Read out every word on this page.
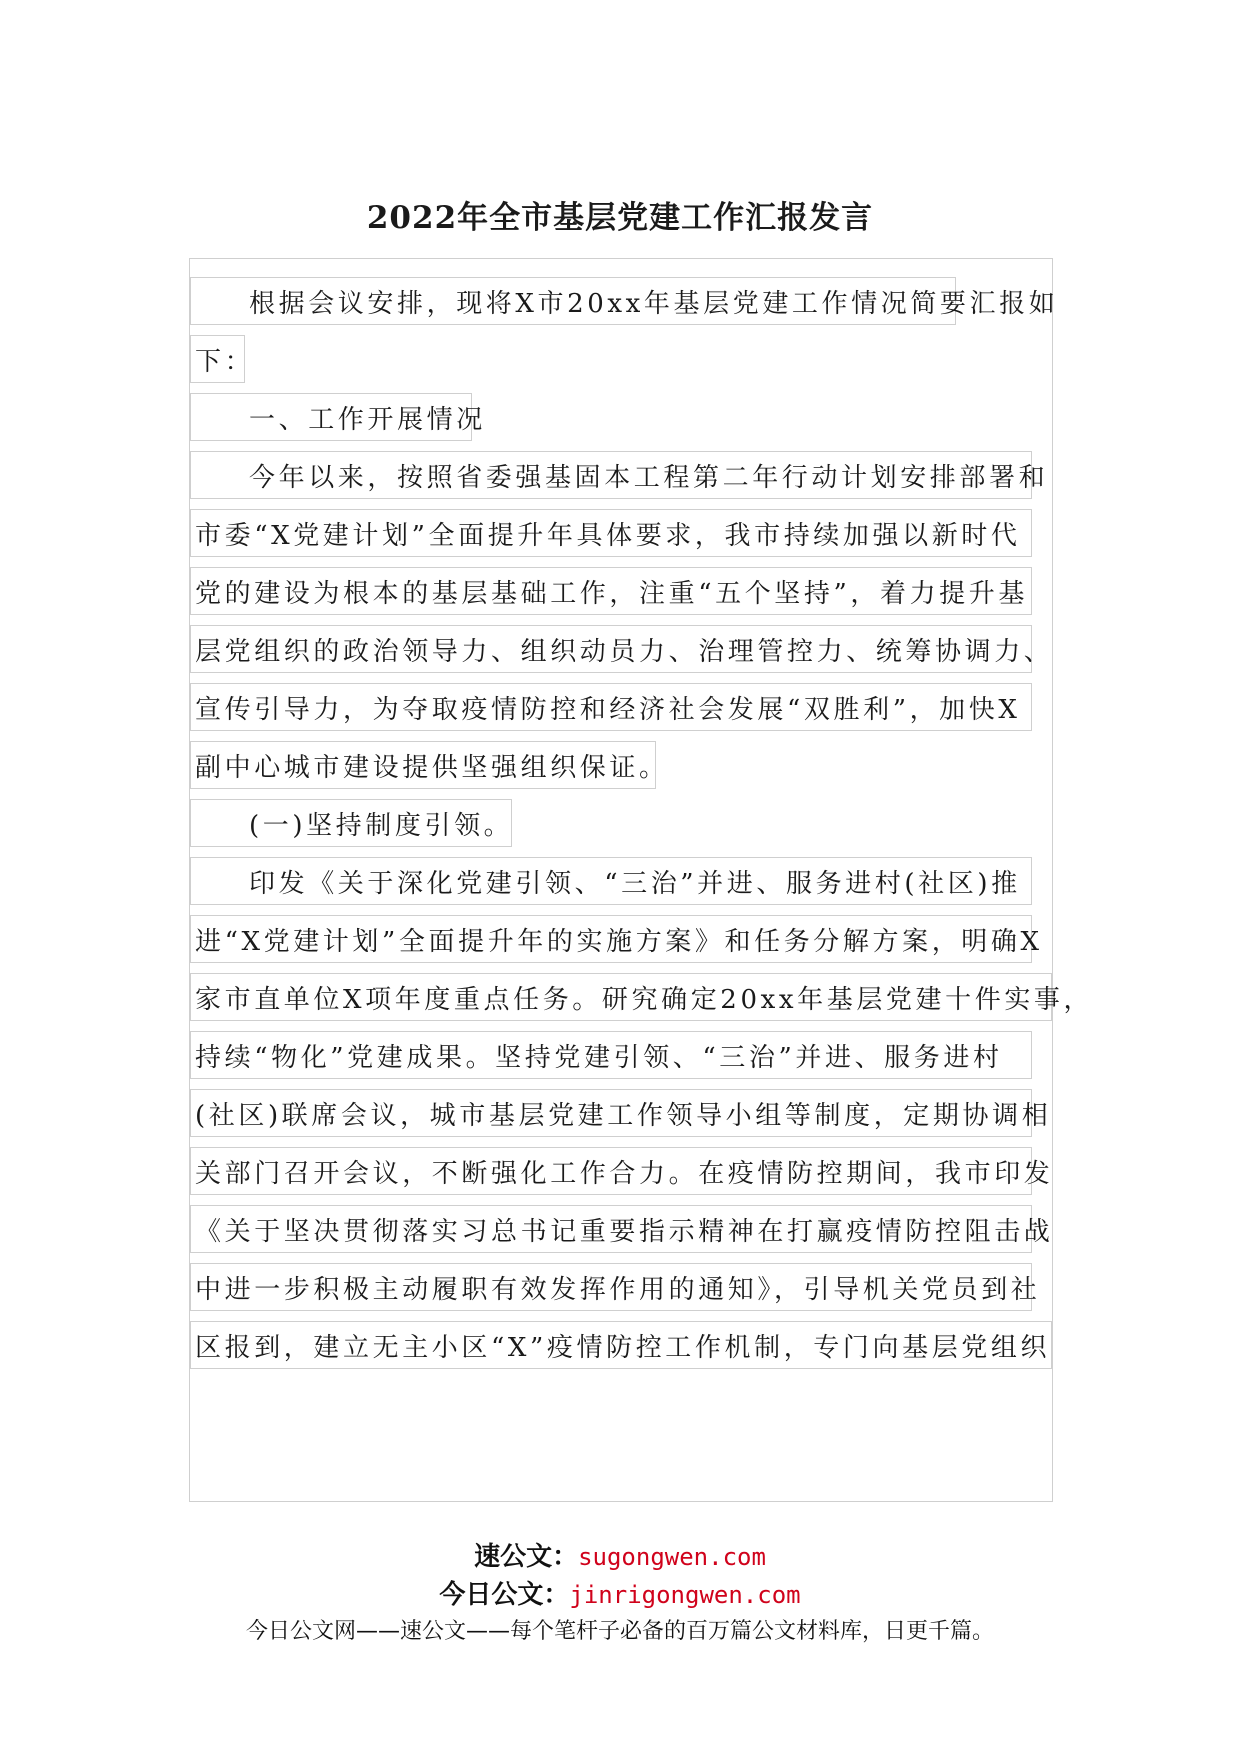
2022年全市基层党建工作汇报发言
根据会议安排，现将X市20xx年基层党建工作情况简要汇报如
下：
一、工作开展情况
今年以来，按照省委强基固本工程第二年行动计划安排部署和
市委“X党建计划”全面提升年具体要求，我市持续加强以新时代
党的建设为根本的基层基础工作，注重“五个坚持”，着力提升基
层党组织的政治领导力、组织动员力、治理管控力、统筹协调力、
宣传引导力，为夺取疫情防控和经济社会发展“双胜利”，加快X
副中心城市建设提供坚强组织保证。
(一)坚持制度引领。
印发《关于深化党建引领、“三治”并进、服务进村(社区)推
进“X党建计划”全面提升年的实施方案》和任务分解方案，明确X
家市直单位X项年度重点任务。研究确定20xx年基层党建十件实事，
持续“物化”党建成果。坚持党建引领、“三治”并进、服务进村
(社区)联席会议，城市基层党建工作领导小组等制度，定期协调相
关部门召开会议，不断强化工作合力。在疫情防控期间，我市印发
《关于坚决贯彻落实习总书记重要指示精神在打赢疫情防控阻击战
中进一步积极主动履职有效发挥作用的通知》，引导机关党员到社
区报到，建立无主小区“X”疫情防控工作机制，专门向基层党组织

速公文：sugongwen.com

今日公文：jinrigongwen.com

今日公文网——速公文——每个笔杆子必备的百万篇公文材料库，日更千篇。
